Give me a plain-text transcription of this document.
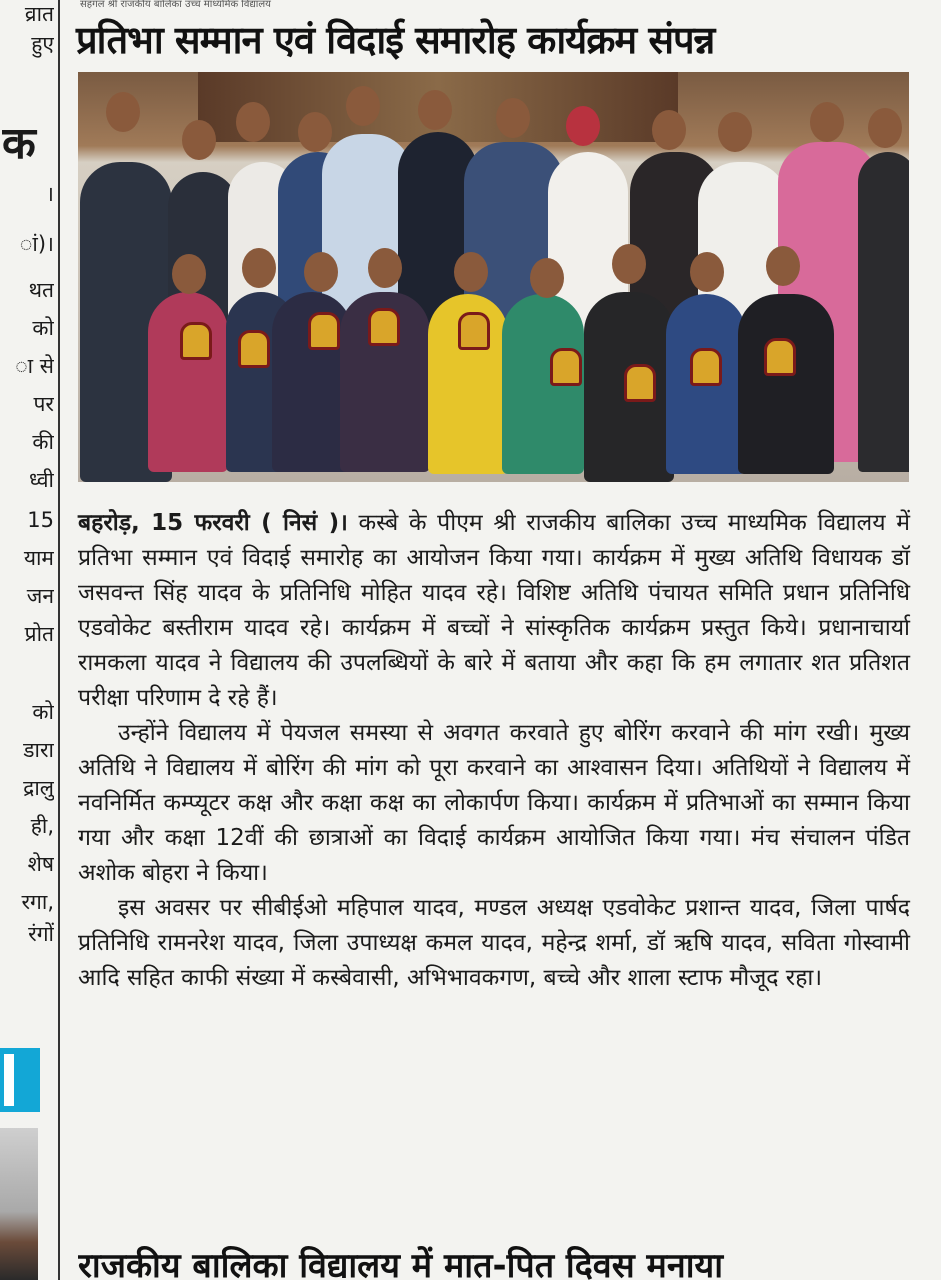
सहगल श्री राजकीय बालिका उच्च माध्यमिक विद्यालय
व्रात
हुए
क
।
ां)।
थत
को
ा से
पर
की
ध्वी
15
याम
जन
प्रोत
को
डारा
द्रालु
ही,
शेष
रगा,
रंगों
प्रतिभा सम्मान एवं विदाई समारोह कार्यक्रम संपन्न

बहरोड़, 15 फरवरी ( निसं )। कस्बे के पीएम श्री राजकीय बालिका उच्च माध्यमिक विद्यालय में प्रतिभा सम्मान एवं विदाई समारोह का आयोजन किया गया। कार्यक्रम में मुख्य अतिथि विधायक डॉ जसवन्त सिंह यादव के प्रतिनिधि मोहित यादव रहे। विशिष्ट अतिथि पंचायत समिति प्रधान प्रतिनिधि एडवोकेट बस्तीराम यादव रहे। कार्यक्रम में बच्चों ने सांस्कृतिक कार्यक्रम प्रस्तुत किये। प्रधानाचार्या रामकला यादव ने विद्यालय की उपलब्धियों के बारे में बताया और कहा कि हम लगातार शत प्रतिशत परीक्षा परिणाम दे रहे हैं।

उन्होंने विद्यालय में पेयजल समस्या से अवगत करवाते हुए बोरिंग करवाने की मांग रखी। मुख्य अतिथि ने विद्यालय में बोरिंग की मांग को पूरा करवाने का आश्वासन दिया। अतिथियों ने विद्यालय में नवनिर्मित कम्प्यूटर कक्ष और कक्षा कक्ष का लोकार्पण किया। कार्यक्रम में प्रतिभाओं का सम्मान किया गया और कक्षा 12वीं की छात्राओं का विदाई कार्यक्रम आयोजित किया गया। मंच संचालन पंडित अशोक बोहरा ने किया।

इस अवसर पर सीबीईओ महिपाल यादव, मण्डल अध्यक्ष एडवोकेट प्रशान्त यादव, जिला पार्षद प्रतिनिधि रामनरेश यादव, जिला उपाध्यक्ष कमल यादव, महेन्द्र शर्मा, डॉ ऋषि यादव, सविता गोस्वामी आदि सहित काफी संख्या में कस्बेवासी, अभिभावकगण, बच्चे और शाला स्टाफ मौजूद रहा।

राजकीय बालिका विद्यालय में मात-पित दिवस मनाया
